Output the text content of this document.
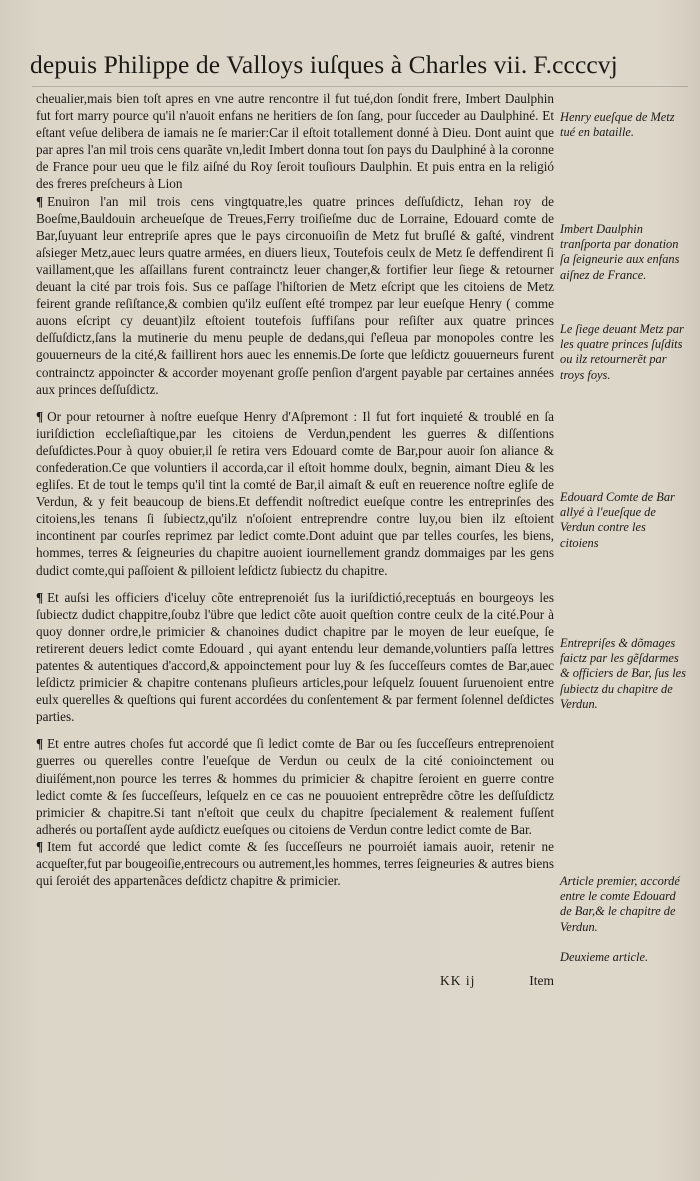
depuis Philippe de Valloys iuſques à Charles vii. F.ccccvj

cheualier,mais bien toſt apres en vne autre rencontre il fut tué,don ſondit frere, Imbert Daulphin fut fort marry pource qu'il n'auoit enfans ne heritiers de ſon ſang, pour ſucceder au Daulphiné. Et eſtant veſue delibera de iamais ne ſe marier:Car il eſtoit totallement donné à Dieu. Dont auint que par apres l'an mil trois cens quarãte vn,ledit Imbert donna tout ſon pays du Daulphiné à la coronne de France pour ueu que le filz aiſné du Roy ſeroit touſiours Daulphin. Et puis entra en la religió des freres preſcheurs à Lion

¶ Enuiron l'an mil trois cens vingtquatre,les quatre princes deſſuſdictz, Iehan roy de Boeſme,Bauldouin archeueſque de Treues,Ferry troiſieſme duc de Lorraine, Edouard comte de Bar,ſuyuant leur entrepriſe apres que le pays circonuoiſin de Metz fut bruſlé & gaſté, vindrent aſsieger Metz,auec leurs quatre armées, en diuers lieux, Toutefois ceulx de Metz ſe deffendirent ſi vaillament,que les aſſaillans furent contrainctz leuer changer,& fortifier leur ſiege & retourner deuant la cité par trois fois. Sus ce paſſage l'hiſtorien de Metz eſcript que les citoiens de Metz feirent grande reſiſtance,& combien qu'ilz euſſent eſté trompez par leur eueſque Henry ( comme auons eſcript cy deuant)ilz eſtoient toutefois ſuffiſans pour reſiſter aux quatre princes deſſuſdictz,ſans la mutinerie du menu peuple de dedans,qui ſ'eſleua par monopoles contre les gouuerneurs de la cité,& faillirent hors auec les ennemis.De ſorte que leſdictz gouuerneurs furent contrainctz appoincter & accorder moyenant groſſe penſion d'argent payable par certaines années aux princes deſſuſdictz.

¶ Or pour retourner à noſtre eueſque Henry d'Aſpremont : Il fut fort inquieté & troublé en ſa iuriſdiction eccleſiaſtique,par les citoiens de Verdun,pendent les guerres & diſſentions deſuſdictes.Pour à quoy obuier,il ſe retira vers Edouard comte de Bar,pour auoir ſon aliance & confederation.Ce que voluntiers il accorda,car il eſtoit homme doulx, begnin, aimant Dieu & les egliſes. Et de tout le temps qu'il tint la comté de Bar,il aimaſt & euſt en reuerence noſtre egliſe de Verdun, & y feit beaucoup de biens.Et deffendit noſtredict eueſque contre les entreprinſes des citoiens,les tenans ſi ſubiectz,qu'ilz n'oſoient entreprendre contre luy,ou bien ilz eſtoient incontinent par courſes reprimez par ledict comte.Dont aduint que par telles courſes, les biens, hommes, terres & ſeigneuries du chapitre auoient iournellement grandz dommaiges par les gens dudict comte,qui paſſoient & pilloient leſdictz ſubiectz du chapitre.

¶ Et auſsi les officiers d'iceluy cõte entreprenoiét ſus la iuriſdictió,receptuás en bourgeoys les ſubiectz dudict chappitre,ſoubz l'übre que ledict cõte auoit queſtion contre ceulx de la cité.Pour à quoy donner ordre,le primicier & chanoines dudict chapitre par le moyen de leur eueſque, ſe retirerent deuers ledict comte Edouard , qui ayant entendu leur demande,voluntiers paſſa lettres patentes & autentiques d'accord,& appoinctement pour luy & ſes ſucceſſeurs comtes de Bar,auec leſdictz primicier & chapitre contenans pluſieurs articles,pour leſquelz ſouuent ſuruenoient entre eulx querelles & queſtions qui furent accordées du conſentement & par ferment ſolennel deſdictes parties.

¶ Et entre autres choſes fut accordé que ſi ledict comte de Bar ou ſes ſucceſſeurs entreprenoient guerres ou querelles contre l'eueſque de Verdun ou ceulx de la cité conioinctement ou diuiſément,non pource les terres & hommes du primicier & chapitre ſeroient en guerre contre ledict comte & ſes ſucceſſeurs, leſquelz en ce cas ne pouuoient entreprẽdre cõtre les deſſuſdictz primicier & chapitre.Si tant n'eſtoit que ceulx du chapitre ſpecialement & realement fuſſent adherés ou portaſſent ayde auſdictz eueſques ou citoiens de Verdun contre ledict comte de Bar.

¶ Item fut accordé que ledict comte & ſes ſucceſſeurs ne pourroiét iamais auoir, retenir ne acqueſter,fut par bougeoiſie,entrecours ou autrement,les hommes, terres ſeigneuries & autres biens qui ſeroiét des appartenãces deſdictz chapitre & primicier.

Henry eueſque de Metz tué en bataille.
Imbert Daulphin tranſporta par donation ſa ſeigneurie aux enfans aiſnez de France.
Le ſiege deuant Metz par les quatre princes ſuſdits ou ilz retournerẽt par troys foys.
Edouard Comte de Bar allyé à l'eueſque de Verdun contre les citoiens
Entrepriſes & dõmages faictz par les gẽſdarmes & officiers de Bar, ſus les ſubiectz du chapitre de Verdun.
Article premier, accordé entre le comte Edouard de Bar,& le chapitre de Verdun.
Deuxieme article.
KK ij	Item
